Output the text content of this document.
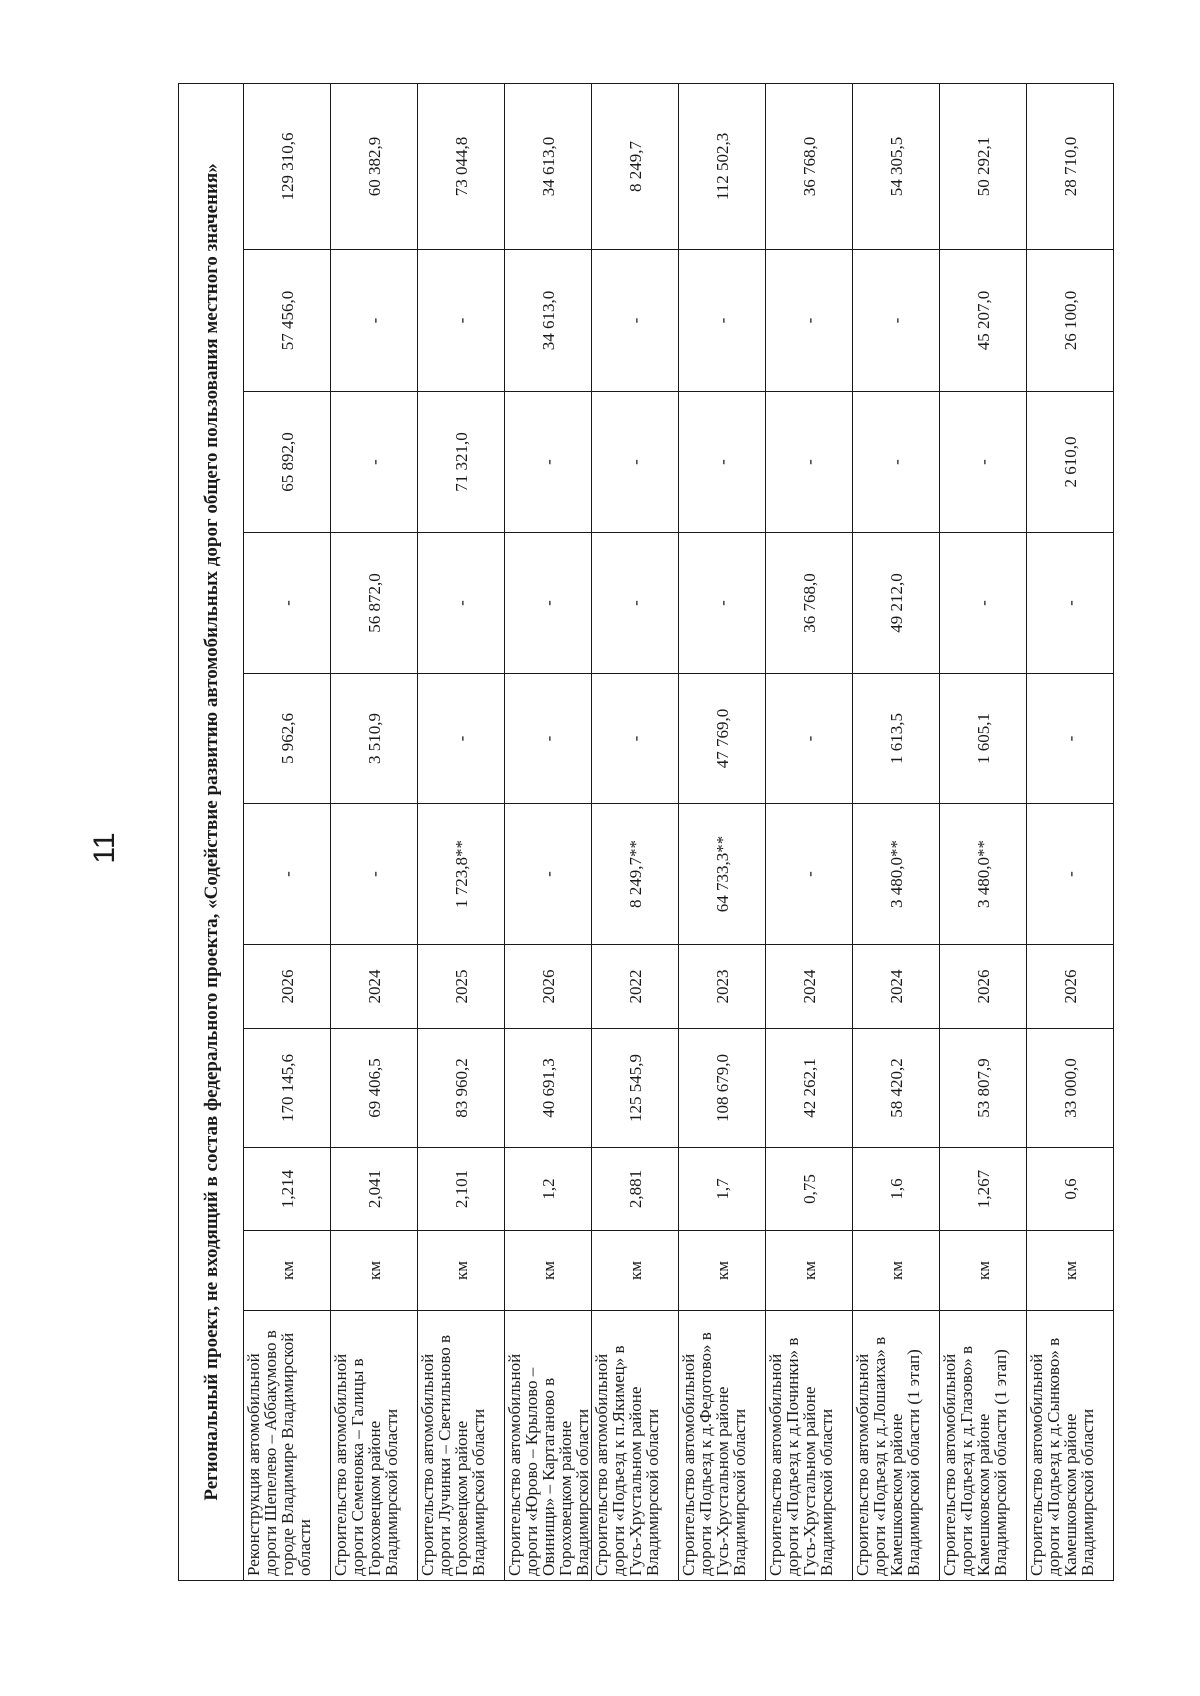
11	Региональный проект, не входящий в состав федерального проекта, «Содействие развитию автомобильных дорог общего пользования местного значения»										
Реконструкция автомобильной дороги Шепелево – Аббакумово в городе Владимире Владимирской области	км	1,214	170 145,6	2026	-	5 962,6	-	65 892,0	57 456,0	129 310,6
Строительство автомобильной дороги Семеновка – Галицы в Гороховецком районе Владимирской области	км	2,041	69 406,5	2024	-	3 510,9	56 872,0	-	-	60 382,9
Строительство автомобильной дороги Лучинки – Светильново в Гороховецком районе Владимирской области	км	2,101	83 960,2	2025	1 723,8**	-	-	71 321,0	-	73 044,8
Строительство автомобильной дороги «Юрово – Крылово – Овинищи» – Картаганово в Гороховецком районе Владимирской области	км	1,2	40 691,3	2026	-	-	-	-	34 613,0	34 613,0
Строительство автомобильной дороги «Подъезд к п.Якимец» в Гусь-Хрустальном районе Владимирской области	км	2,881	125 545,9	2022	8 249,7**	-	-	-	-	8 249,7
Строительство автомобильной дороги «Подъезд к д.Федотово» в Гусь-Хрустальном районе Владимирской области	км	1,7	108 679,0	2023	64 733,3**	47 769,0	-	-	-	112 502,3
Строительство автомобильной дороги «Подъезд к д.Починки» в Гусь-Хрустальном районе Владимирской области	км	0,75	42 262,1	2024	-	-	36 768,0	-	-	36 768,0
Строительство автомобильной дороги «Подъезд к д.Лошаиха» в Камешковском районе Владимирской области (1 этап)	км	1,6	58 420,2	2024	3 480,0**	1 613,5	49 212,0	-	-	54 305,5
Строительство автомобильной дороги «Подъезд к д.Глазово» в Камешковском районе Владимирской области (1 этап)	км	1,267	53 807,9	2026	3 480,0**	1 605,1	-	-	45 207,0	50 292,1
Строительство автомобильной дороги «Подъезд к д.Сынково» в Камешковском районе Владимирской области	км	0,6	33 000,0	2026	-	-	-	2 610,0	26 100,0	28 710,0
